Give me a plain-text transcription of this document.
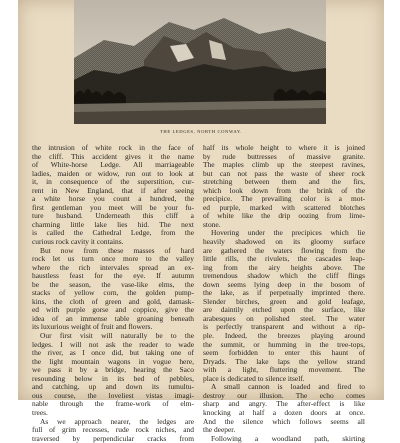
THE LEDGES, NORTH CONWAY.
the intrusion of white rock in the face of
the cliff. This accident gives it the name
of White-horse Ledge. All marriageable
ladies, maiden or widow, run out to look at
it, in consequence of the superstition, cur-
rent in New England, that if after seeing
a white horse you count a hundred, the
first gentleman you meet will be your fu-
ture husband. Underneath this cliff a
charming little lake lies hid. The next
is called the Cathedral Ledge, from the
curious rock cavity it contains.
But now from these masses of hard
rock let us turn once more to the valley
where the rich intervales spread an ex-
haustless feast for the eye. If autumn
be the season, the vase-like elms, the
stacks of yellow corn, the golden pump-
kins, the cloth of green and gold, damask-
ed with purple gorse and coppice, give the
idea of an immense table groaning beneath
its luxurious weight of fruit and flowers.
Our first visit will naturally be to the
ledges. I will not ask the reader to wade
the river, as I once did, but taking one of
the light mountain wagons in vogue here,
we pass it by a bridge, hearing the Saco
resounding below in its bed of pebbles,
and catching, up and down its tumultu-
ous course, the loveliest vistas imagi-
nable through the frame-work of elm-
trees.
As we approach nearer, the ledges are
full of grim recesses, rude rock niches, and
traversed by perpendicular cracks from
half its whole height to where it is joined
by rude buttresses of massive granite.
The maples climb up the steepest ravines,
but can not pass the waste of sheer rock
stretching between them and the firs,
which look down from the brink of the
precipice. The prevailing color is a mot-
ed purple, marked with scattered blotches
of white like the drip oozing from lime-
stone.
Hovering under the precipices which lie
heavily shadowed on its gloomy surface
are gathered the waters flowing from the
little rills, the rivulets, the cascades leap-
ing from the airy heights above. The
tremendous shadow which the cliff flings
down seems lying deep in the bosom of
the lake, as if perpetually imprinted there.
Slender birches, green and gold leafage,
are daintily etched upon the surface, like
arabesques on polished steel. The water
is perfectly transparent and without a rip-
ple. Indeed, the breezes playing around
the summit, or humming in the tree-tops,
seem forbidden to enter this haunt of
Dryads. The lake laps the yellow strand
with a light, fluttering movement. The
place is dedicated to silence itself.
A small cannon is loaded and fired to
destroy our illusion. The echo comes
sharp and angry. The after-effect is like
knocking at half a dozen doors at once.
And the silence which follows seems all
the deeper.
Following a woodland path, skirting
